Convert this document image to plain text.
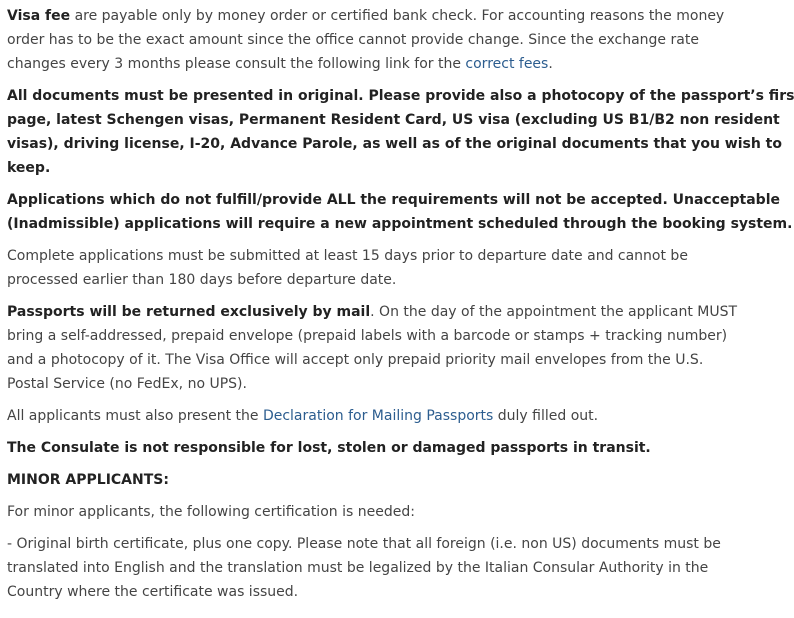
Visa fee are payable only by money order or certified bank check. For accounting reasons the money
order has to be the exact amount since the office cannot provide change. Since the exchange rate
changes every 3 months please consult the following link for the correct fees.

All documents must be presented in original. Please provide also a photocopy of the passport’s firs
page, latest Schengen visas, Permanent Resident Card, US visa (excluding US B1/B2 non resident
visas), driving license, I-20, Advance Parole, as well as of the original documents that you wish to
keep.

Applications which do not fulfill/provide ALL the requirements will not be accepted. Unacceptable
(Inadmissible) applications will require a new appointment scheduled through the booking system.

Complete applications must be submitted at least 15 days prior to departure date and cannot be
processed earlier than 180 days before departure date.

Passports will be returned exclusively by mail. On the day of the appointment the applicant MUST
bring a self-addressed, prepaid envelope (prepaid labels with a barcode or stamps + tracking number)
and a photocopy of it. The Visa Office will accept only prepaid priority mail envelopes from the U.S.
Postal Service (no FedEx, no UPS).

All applicants must also present the Declaration for Mailing Passports duly filled out.

The Consulate is not responsible for lost, stolen or damaged passports in transit.

MINOR APPLICANTS:

For minor applicants, the following certification is needed:

- Original birth certificate, plus one copy. Please note that all foreign (i.e. non US) documents must be
translated into English and the translation must be legalized by the Italian Consular Authority in the
Country where the certificate was issued.
